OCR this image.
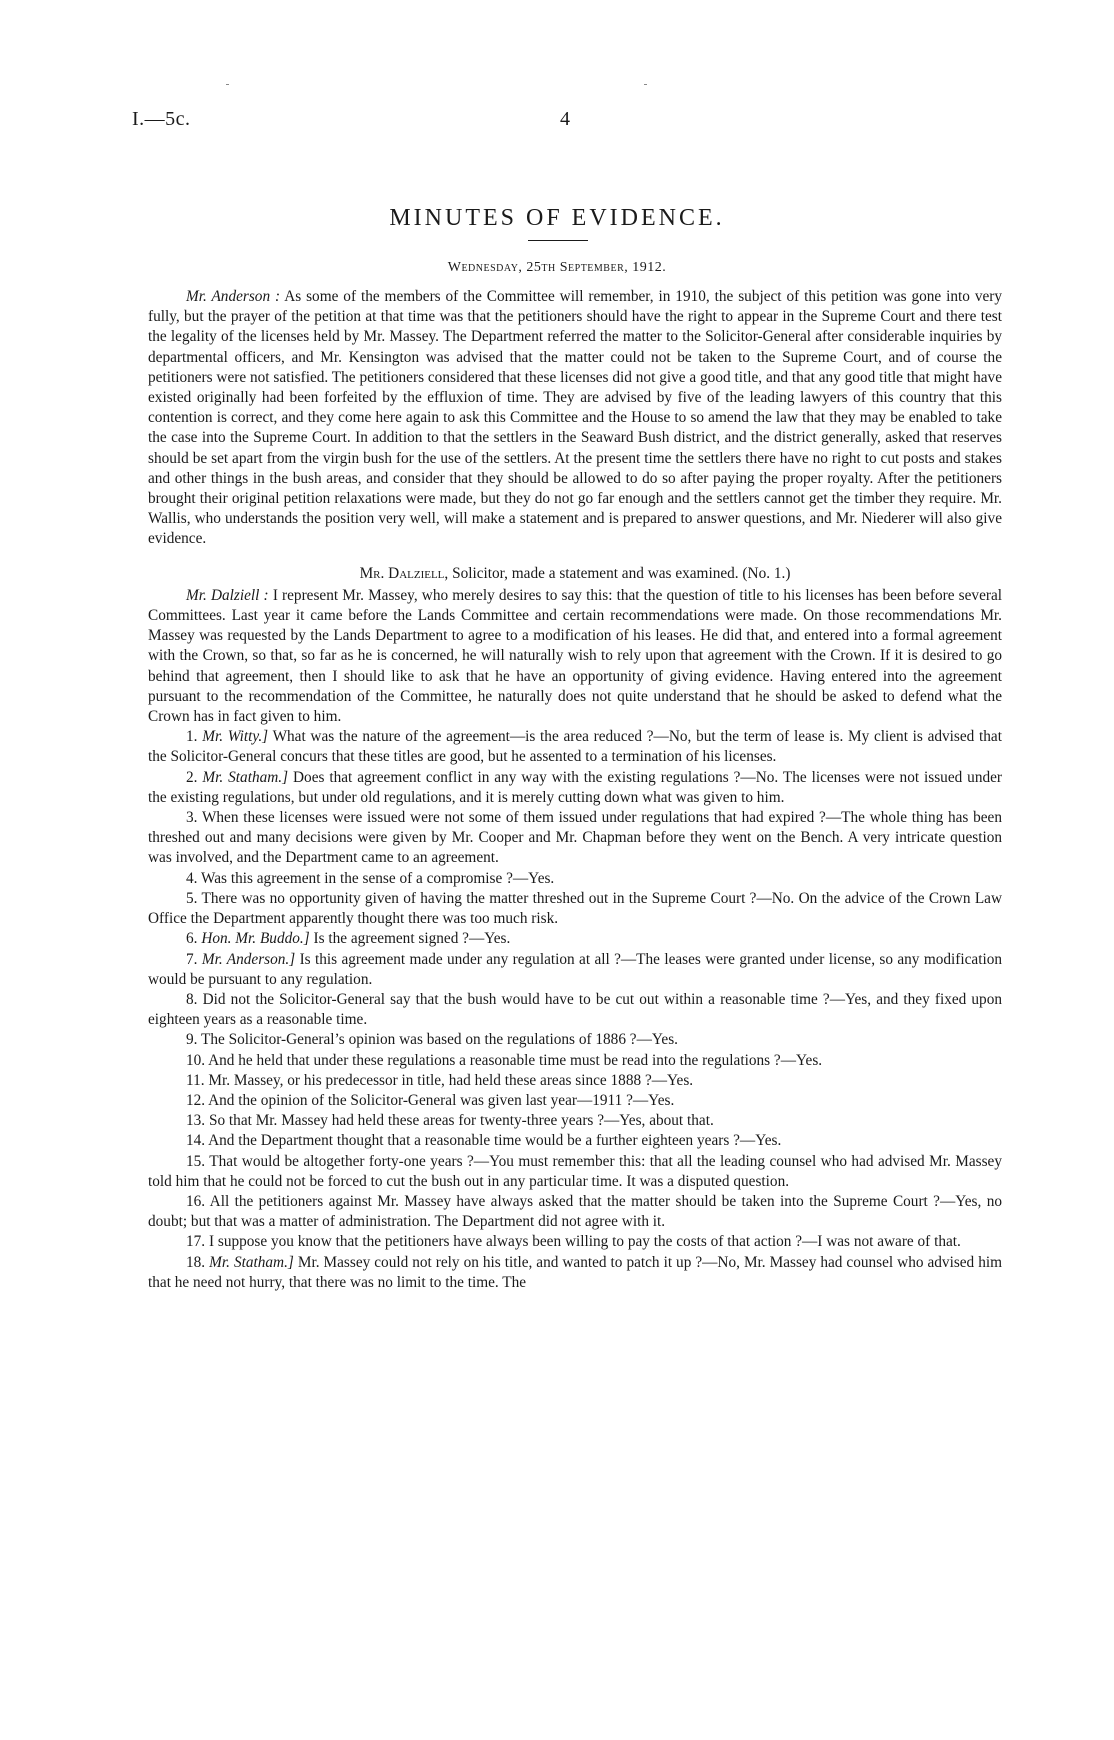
I.—5c.	4
MINUTES OF EVIDENCE.
Wednesday, 25th September, 1912.

Mr. Anderson : As some of the members of the Committee will remember, in 1910, the subject of this petition was gone into very fully, but the prayer of the petition at that time was that the petitioners should have the right to appear in the Supreme Court and there test the legality of the licenses held by Mr. Massey. The Department referred the matter to the Solicitor-General after considerable inquiries by departmental officers, and Mr. Kensington was advised that the matter could not be taken to the Supreme Court, and of course the petitioners were not satisfied. The petitioners considered that these licenses did not give a good title, and that any good title that might have existed originally had been forfeited by the effluxion of time. They are advised by five of the leading lawyers of this country that this contention is correct, and they come here again to ask this Committee and the House to so amend the law that they may be enabled to take the case into the Supreme Court. In addition to that the settlers in the Seaward Bush district, and the district generally, asked that reserves should be set apart from the virgin bush for the use of the settlers. At the present time the settlers there have no right to cut posts and stakes and other things in the bush areas, and consider that they should be allowed to do so after paying the proper royalty. After the petitioners brought their original petition relaxations were made, but they do not go far enough and the settlers cannot get the timber they require. Mr. Wallis, who understands the position very well, will make a statement and is prepared to answer questions, and Mr. Niederer will also give evidence.

Mr. Dalziell, Solicitor, made a statement and was examined. (No. 1.)

Mr. Dalziell : I represent Mr. Massey, who merely desires to say this: that the question of title to his licenses has been before several Committees. Last year it came before the Lands Committee and certain recommendations were made. On those recommendations Mr. Massey was requested by the Lands Department to agree to a modification of his leases. He did that, and entered into a formal agreement with the Crown, so that, so far as he is concerned, he will naturally wish to rely upon that agreement with the Crown. If it is desired to go behind that agreement, then I should like to ask that he have an opportunity of giving evidence. Having entered into the agreement pursuant to the recommendation of the Committee, he naturally does not quite understand that he should be asked to defend what the Crown has in fact given to him.

1. Mr. Witty.] What was the nature of the agreement—is the area reduced ?—No, but the term of lease is. My client is advised that the Solicitor-General concurs that these titles are good, but he assented to a termination of his licenses.

2. Mr. Statham.] Does that agreement conflict in any way with the existing regulations ?—No. The licenses were not issued under the existing regulations, but under old regulations, and it is merely cutting down what was given to him.

3. When these licenses were issued were not some of them issued under regulations that had expired ?—The whole thing has been threshed out and many decisions were given by Mr. Cooper and Mr. Chapman before they went on the Bench. A very intricate question was involved, and the Department came to an agreement.

4. Was this agreement in the sense of a compromise ?—Yes.

5. There was no opportunity given of having the matter threshed out in the Supreme Court ?—No. On the advice of the Crown Law Office the Department apparently thought there was too much risk.

6. Hon. Mr. Buddo.] Is the agreement signed ?—Yes.

7. Mr. Anderson.] Is this agreement made under any regulation at all ?—The leases were granted under license, so any modification would be pursuant to any regulation.

8. Did not the Solicitor-General say that the bush would have to be cut out within a reasonable time ?—Yes, and they fixed upon eighteen years as a reasonable time.

9. The Solicitor-General’s opinion was based on the regulations of 1886 ?—Yes.

10. And he held that under these regulations a reasonable time must be read into the regulations ?—Yes.

11. Mr. Massey, or his predecessor in title, had held these areas since 1888 ?—Yes.

12. And the opinion of the Solicitor-General was given last year—1911 ?—Yes.

13. So that Mr. Massey had held these areas for twenty-three years ?—Yes, about that.

14. And the Department thought that a reasonable time would be a further eighteen years ?—Yes.

15. That would be altogether forty-one years ?—You must remember this: that all the leading counsel who had advised Mr. Massey told him that he could not be forced to cut the bush out in any particular time. It was a disputed question.

16. All the petitioners against Mr. Massey have always asked that the matter should be taken into the Supreme Court ?—Yes, no doubt; but that was a matter of administration. The Department did not agree with it.

17. I suppose you know that the petitioners have always been willing to pay the costs of that action ?—I was not aware of that.

18. Mr. Statham.] Mr. Massey could not rely on his title, and wanted to patch it up ?—No, Mr. Massey had counsel who advised him that he need not hurry, that there was no limit to the time. The
